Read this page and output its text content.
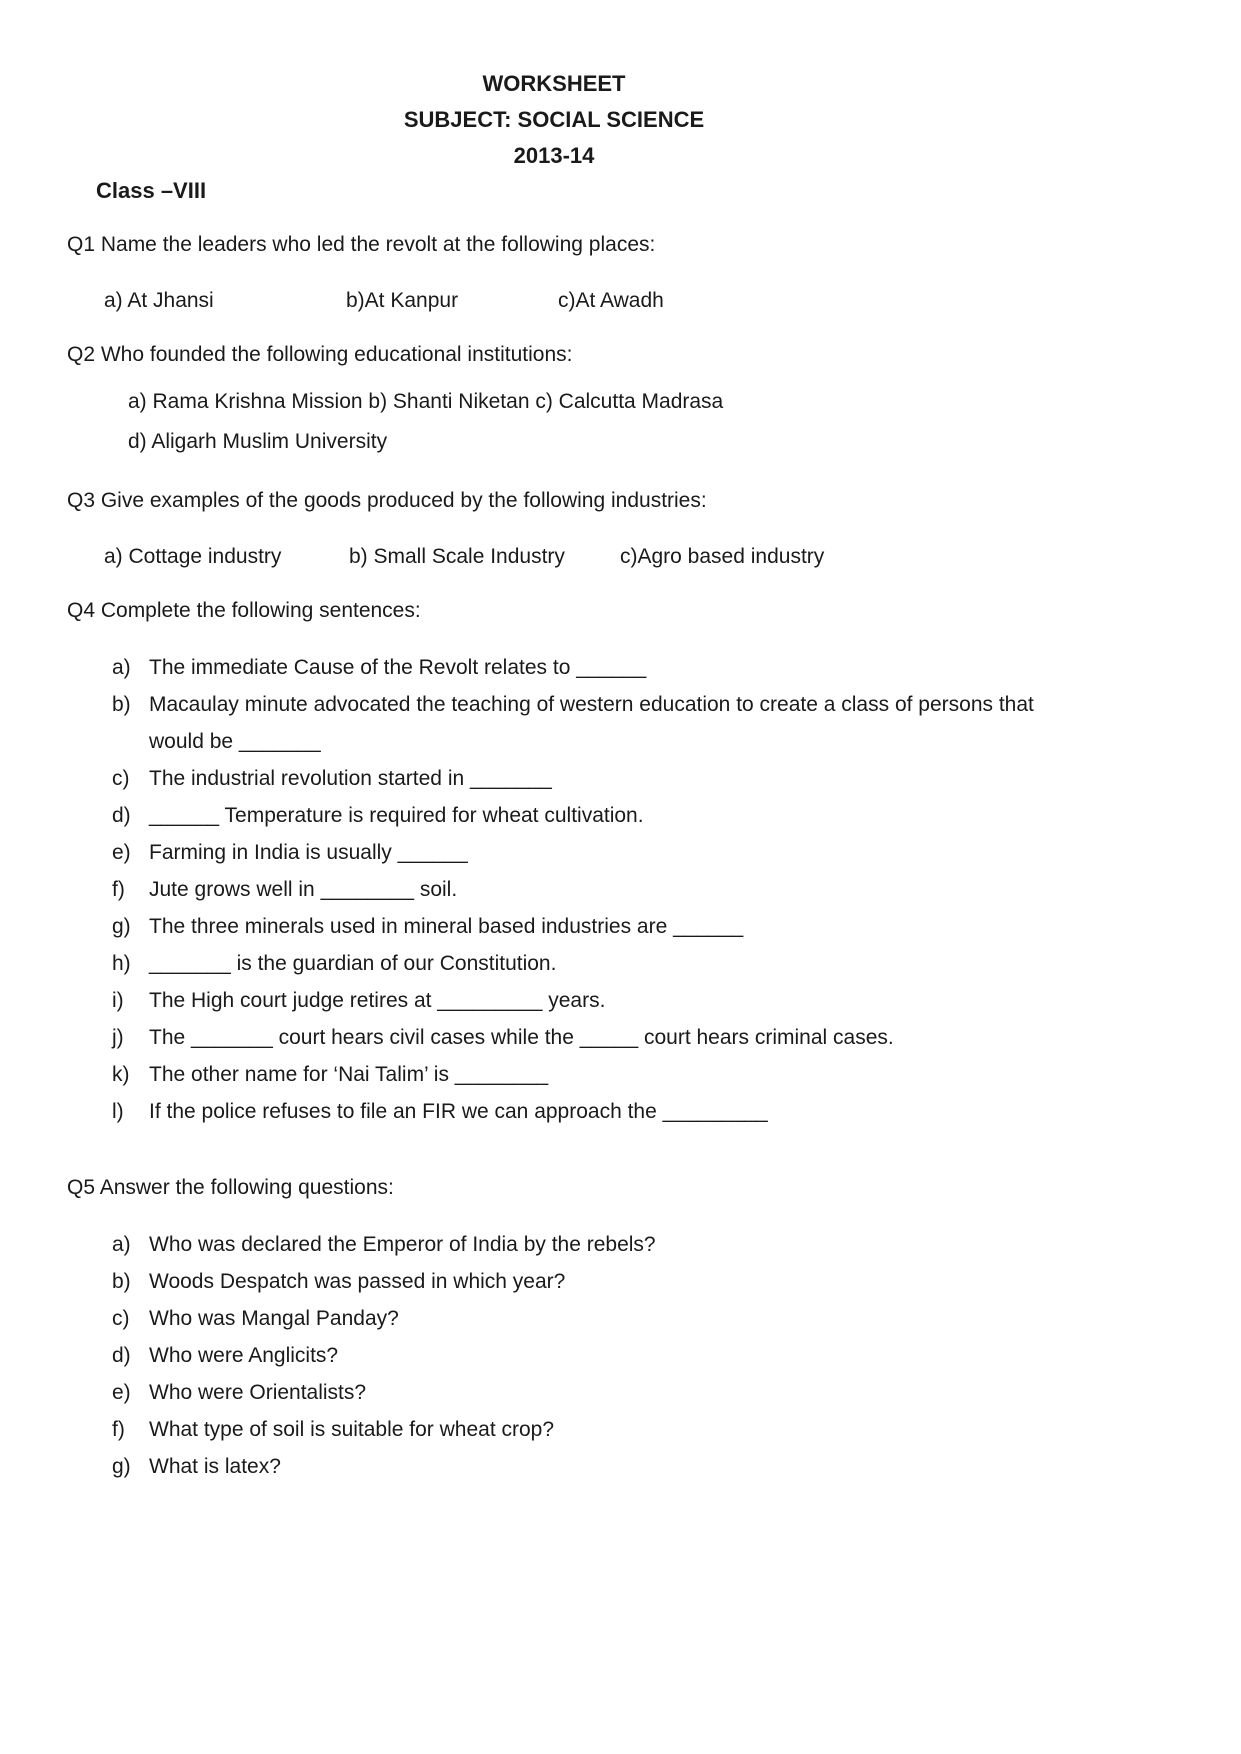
WORKSHEET
SUBJECT: SOCIAL SCIENCE
2013-14
Class –VIII

Q1 Name the leaders who led the revolt at the following places:

a) At Jhansi	b)At Kanpur	c)At Awadh

Q2 Who founded the following educational institutions:

a) Rama Krishna Mission b) Shanti Niketan c) Calcutta Madrasa
d) Aligarh Muslim University

Q3 Give examples of the goods produced by the following industries:

a) Cottage industry	b) Small Scale Industry	c)Agro based industry

Q4 Complete the following sentences:

a) The immediate Cause of the Revolt relates to ______
b) Macaulay minute advocated the teaching of western education to create a class of persons that would be _______
c) The industrial revolution started in _______
d) ______ Temperature is required for wheat cultivation.
e) Farming in India is usually ______
f)	Jute grows well in ________ soil.
g) The three minerals used in mineral based industries are ______
h) _______ is the guardian of our Constitution.
i)	The High court judge retires at _________ years.
j)	The _______ court hears civil cases while the _____ court hears criminal cases.
k) The other name for ‘Nai Talim’ is ________
l)	If the police refuses to file an FIR we can approach the _________

Q5 Answer the following questions:

a) Who was declared the Emperor of India by the rebels?
b) Woods Despatch was passed in which year?
c) Who was Mangal Panday?
d) Who were Anglicits?
e) Who were Orientalists?
f)	What type of soil is suitable for wheat crop?
g) What is latex?
